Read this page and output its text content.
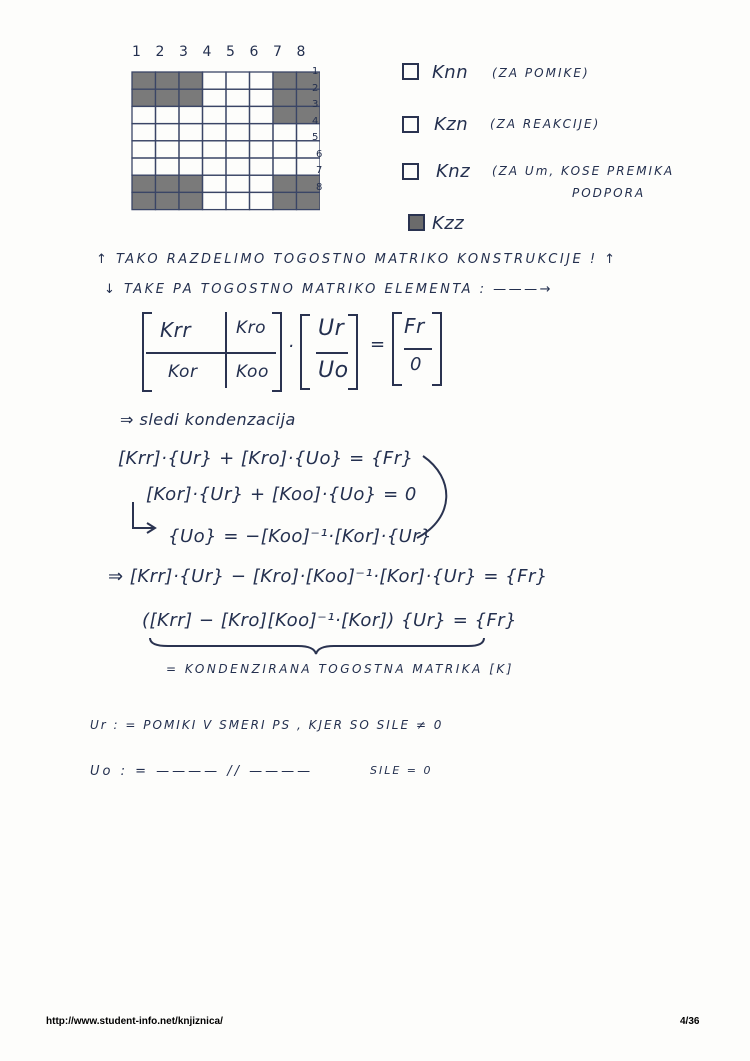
1 2 3 4 5 6 7 8
1
2
3
4
5
6
7
8
Knn (ZA POMIKE)
Kzn (ZA REAKCIJE)
Knz (ZA Um, KOSE PREMIKA
PODPORA
Kzz
↑ TAKO RAZDELIMO TOGOSTNO MATRIKO KONSTRUKCIJE ! ↑
↓ TAKE PA TOGOSTNO MATRIKO ELEMENTA : ———→
Krr	Kro
Kor Koo
·
Ur
Uo
=
Fr
0
⇒ sledi kondenzacija
[Krr]·{Ur} + [Kro]·{Uo} = {Fr}
[Kor]·{Ur} + [Koo]·{Uo} = 0
{Uo} = −[Koo]⁻¹·[Kor]·{Ur}
⇒ [Krr]·{Ur} − [Kro]·[Koo]⁻¹·[Kor]·{Ur} = {Fr}
([Krr] − [Kro][Koo]⁻¹·[Kor]) {Ur} = {Fr}
= KONDENZIRANA TOGOSTNA MATRIKA [K]
Ur : = POMIKI V SMERI PS , KJER SO SILE ≠ 0
Uo : = ———— // ————	SILE = 0
http://www.student-info.net/knjiznica/	4/36
